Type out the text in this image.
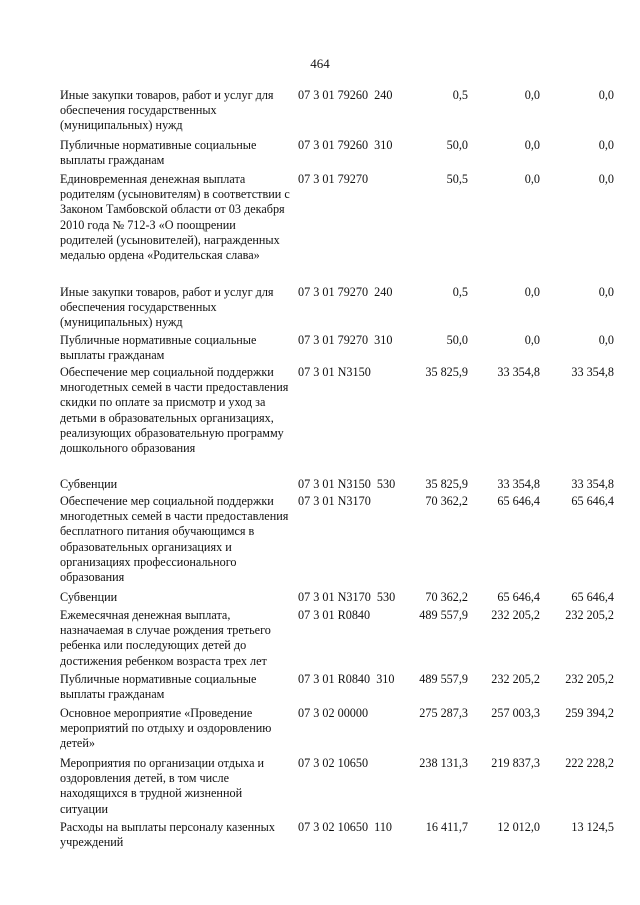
464
Иные закупки товаров, работ и услуг для обеспечения государственных (муниципальных) нужд
07 3 01 79260  240	0,5	0,0	0,0
Публичные нормативные социальные выплаты гражданам
07 3 01 79260  310	50,0	0,0	0,0
Единовременная денежная выплата родителям (усыновителям) в соответствии с Законом Тамбовской области от 03 декабря 2010 года № 712-З «О поощрении родителей (усыновителей), награжденных медалью ордена «Родительская слава»
07 3 01 79270	50,5	0,0	0,0
Иные закупки товаров, работ и услуг для обеспечения государственных (муниципальных) нужд
07 3 01 79270  240	0,5	0,0	0,0
Публичные нормативные социальные выплаты гражданам
07 3 01 79270  310	50,0	0,0	0,0
Обеспечение мер социальной поддержки многодетных семей в части предоставления скидки по оплате за присмотр и уход за детьми в образовательных организациях, реализующих образовательную программу дошкольного образования
07 3 01 N3150	35 825,9	33 354,8	33 354,8
Субвенции	07 3 01 N3150  530	35 825,9	33 354,8	33 354,8
Обеспечение мер социальной поддержки многодетных семей в части предоставления бесплатного питания обучающимся в образовательных организациях и организациях профессионального образования
07 3 01 N3170	70 362,2	65 646,4	65 646,4
Субвенции	07 3 01 N3170  530	70 362,2	65 646,4	65 646,4
Ежемесячная денежная выплата, назначаемая в случае рождения третьего ребенка или последующих детей до достижения ребенком возраста трех лет
07 3 01 R0840	489 557,9	232 205,2	232 205,2
Публичные нормативные социальные выплаты гражданам
07 3 01 R0840  310	489 557,9	232 205,2	232 205,2
Основное мероприятие «Проведение мероприятий по отдыху и оздоровлению детей»
07 3 02 00000	275 287,3	257 003,3	259 394,2
Мероприятия по организации отдыха и оздоровления детей, в том числе находящихся в трудной жизненной ситуации
07 3 02 10650	238 131,3	219 837,3	222 228,2
Расходы на выплаты персоналу казенных учреждений
07 3 02 10650  110	16 411,7	12 012,0	13 124,5
